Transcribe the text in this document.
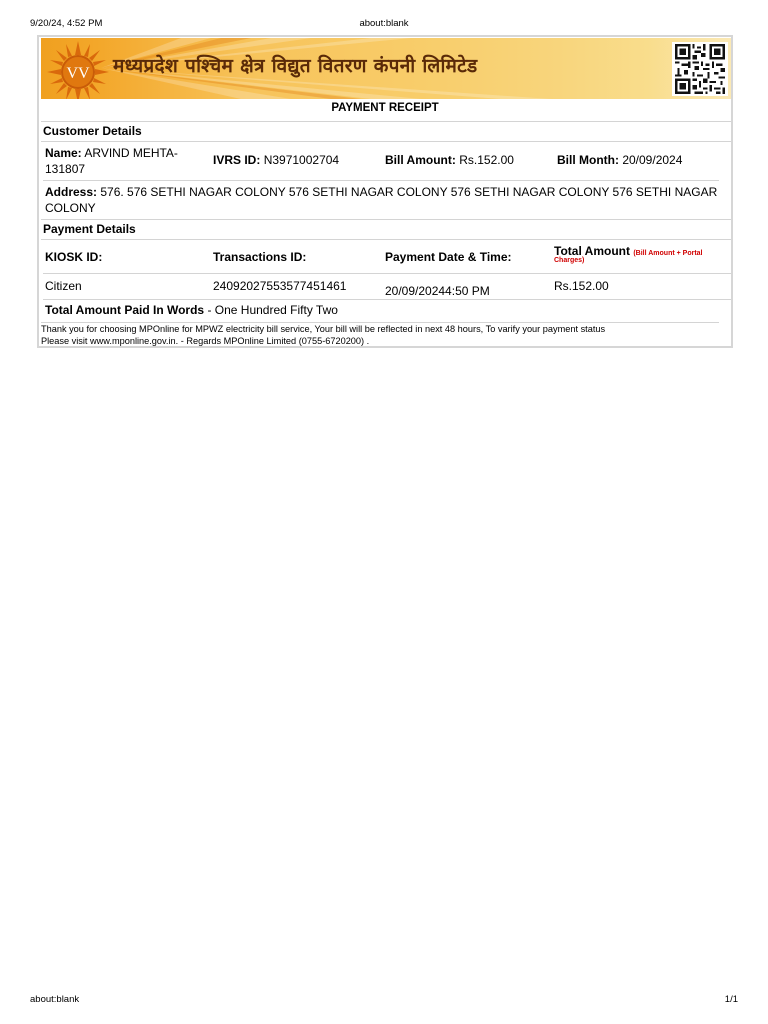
9/20/24, 4:52 PM	about:blank
VV मध्यप्रदेश पश्चिम क्षेत्र विद्युत वितरण कंपनी लिमिटेड
PAYMENT RECEIPT
Customer Details
Name: ARVIND MEHTA-
131807
IVRS ID: N3971002704	Bill Amount: Rs.152.00	Bill Month: 20/09/2024
Address: 576. 576 SETHI NAGAR COLONY 576 SETHI NAGAR COLONY 576 SETHI NAGAR COLONY 576 SETHI NAGAR
COLONY
Payment Details
KIOSK ID:	Transactions ID:	Payment Date & Time:	Total Amount (Bill Amount + Portal
Charges)
Citizen	24092027553577451461	20/09/20244:50 PM	Rs.152.00
Total Amount Paid In Words - One Hundred Fifty Two
Thank you for choosing MPOnline for MPWZ electricity bill service, Your bill will be reflected in next 48 hours, To varify your payment status
Please visit www.mponline.gov.in. - Regards MPOnline Limited (0755-6720200) .
about:blank	1/1
